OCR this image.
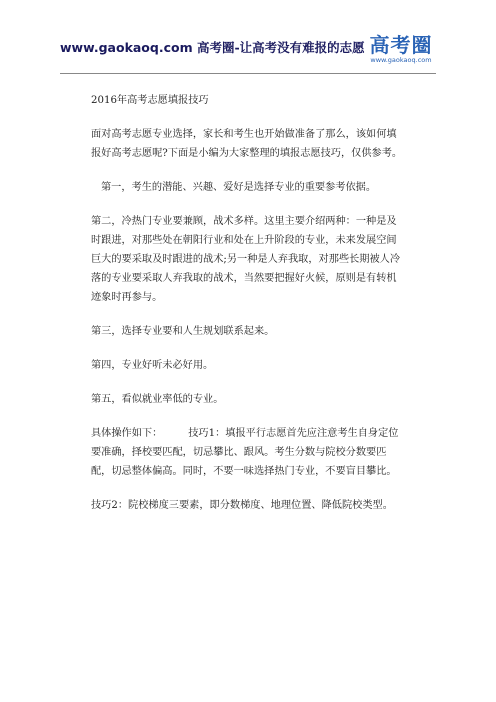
www.gaokaoq.com 高考圈-让高考没有难报的志愿 高考圈
www.gaokaoq.com

2016年高考志愿填报技巧

面对高考志愿专业选择，家长和考生也开始做准备了那么，该如何填报好高考志愿呢?下面是小编为大家整理的填报志愿技巧，仅供参考。

第一，考生的潜能、兴趣、爱好是选择专业的重要参考依据。

第二，冷热门专业要兼顾，战术多样。这里主要介绍两种：一种是及时跟进，对那些处在朝阳行业和处在上升阶段的专业，未来发展空间巨大的要采取及时跟进的战术;另一种是人弃我取，对那些长期被人冷落的专业要采取人弃我取的战术，当然要把握好火候，原则是有转机迹象时再参与。

第三，选择专业要和人生规划联系起来。

第四，专业好听未必好用。

第五，看似就业率低的专业。

具体操作如下：        技巧1：填报平行志愿首先应注意考生自身定位要准确，择校要匹配，切忌攀比、跟风。考生分数与院校分数要匹配，切忌整体偏高。同时，不要一味选择热门专业，不要盲目攀比。

技巧2：院校梯度三要素，即分数梯度、地理位置、降低院校类型。
